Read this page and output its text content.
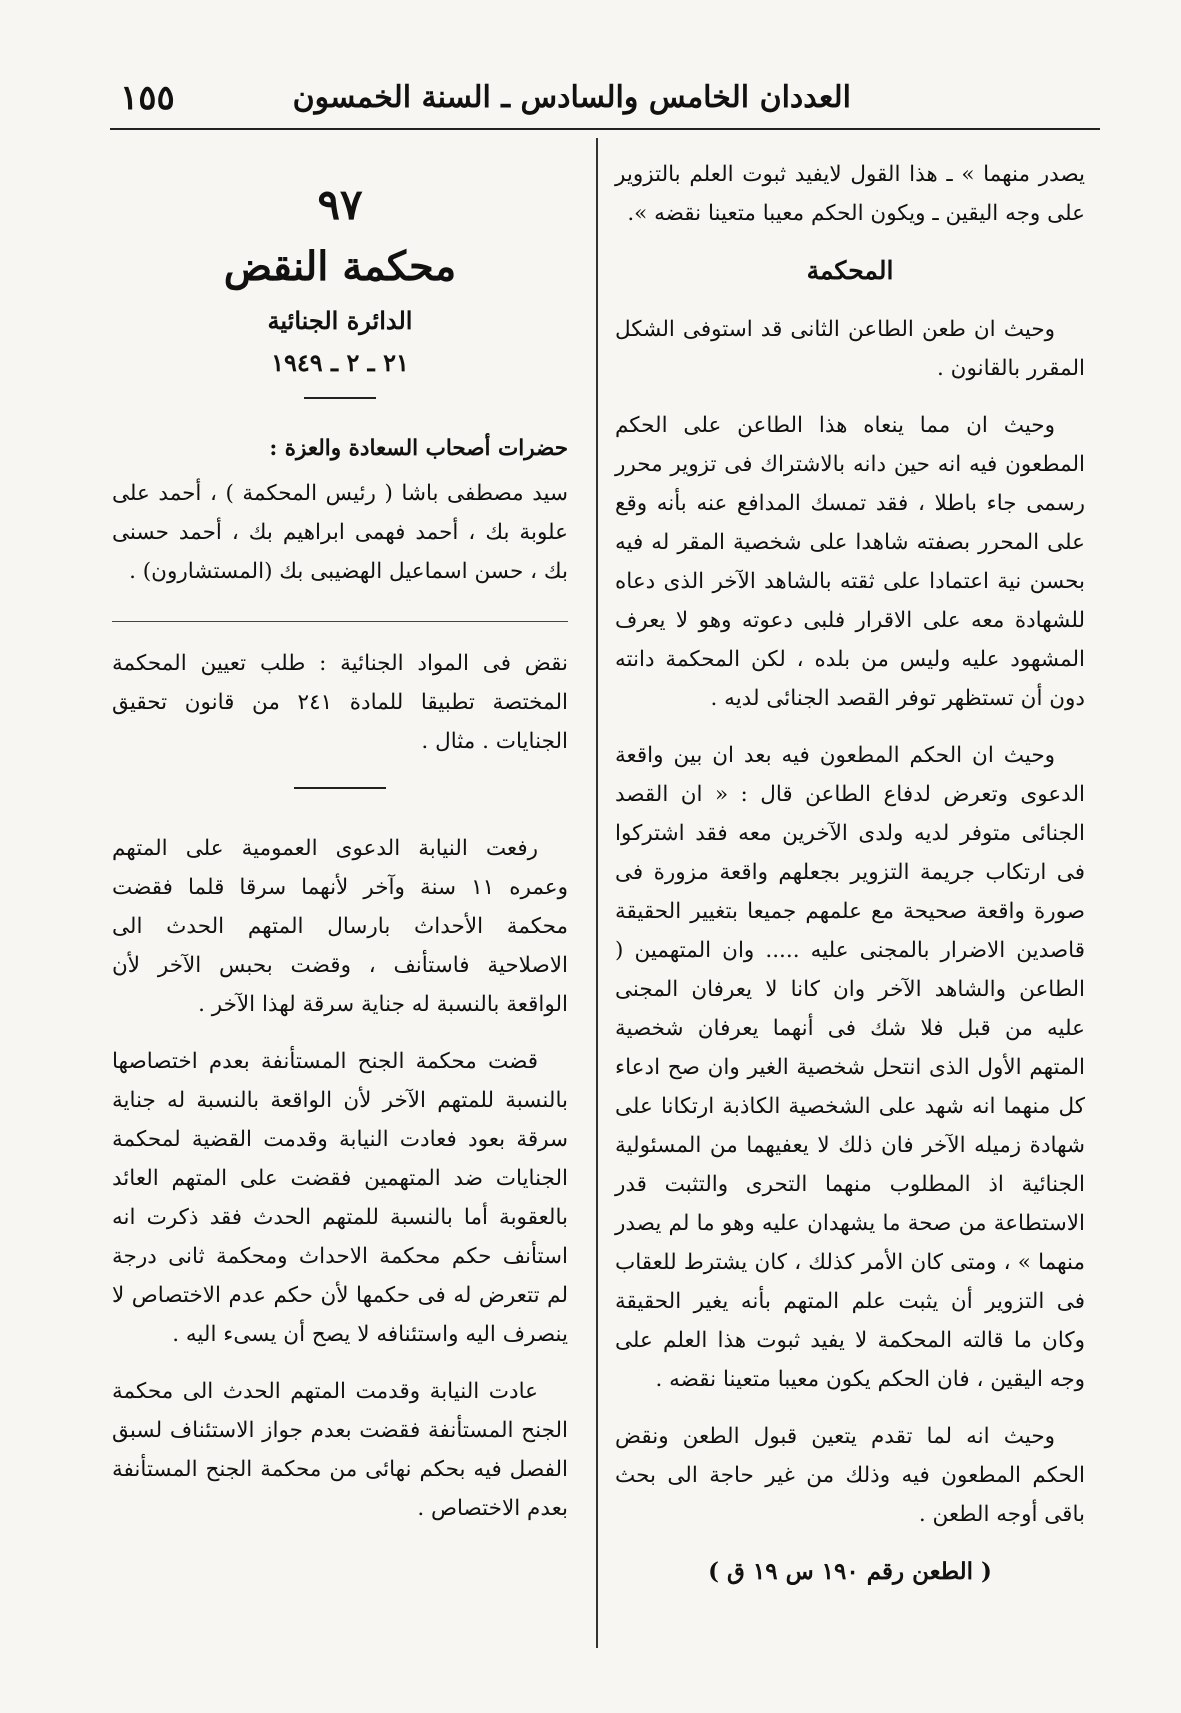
١٥٥	العددان الخامس والسادس ـ السنة الخمسون

يصدر منهما » ـ هذا القول لايفيد ثبوت العلم بالتزوير على وجه اليقين ـ ويكون الحكم معيبا متعينا نقضه ».

المحكمة

وحيث ان طعن الطاعن الثانى قد استوفى الشكل المقرر بالقانون .

وحيث ان مما ينعاه هذا الطاعن على الحكم المطعون فيه انه حين دانه بالاشتراك فى تزوير محرر رسمى جاء باطلا ، فقد تمسك المدافع عنه بأنه وقع على المحرر بصفته شاهدا على شخصية المقر له فيه بحسن نية اعتمادا على ثقته بالشاهد الآخر الذى دعاه للشهادة معه على الاقرار فلبى دعوته وهو لا يعرف المشهود عليه وليس من بلده ، لكن المحكمة دانته دون أن تستظهر توفر القصد الجنائى لديه .

وحيث ان الحكم المطعون فيه بعد ان بين واقعة الدعوى وتعرض لدفاع الطاعن قال : « ان القصد الجنائى متوفر لديه ولدى الآخرين معه فقد اشتركوا فى ارتكاب جريمة التزوير بجعلهم واقعة مزورة فى صورة واقعة صحيحة مع علمهم جميعا بتغيير الحقيقة قاصدين الاضرار بالمجنى عليه ..... وان المتهمين ( الطاعن والشاهد الآخر وان كانا لا يعرفان المجنى عليه من قبل فلا شك فى أنهما يعرفان شخصية المتهم الأول الذى انتحل شخصية الغير وان صح ادعاء كل منهما انه شهد على الشخصية الكاذبة ارتكانا على شهادة زميله الآخر فان ذلك لا يعفيهما من المسئولية الجنائية اذ المطلوب منهما التحرى والتثبت قدر الاستطاعة من صحة ما يشهدان عليه وهو ما لم يصدر منهما » ، ومتى كان الأمر كذلك ، كان يشترط للعقاب فى التزوير أن يثبت علم المتهم بأنه يغير الحقيقة وكان ما قالته المحكمة لا يفيد ثبوت هذا العلم على وجه اليقين ، فان الحكم يكون معيبا متعينا نقضه .

وحيث انه لما تقدم يتعين قبول الطعن ونقض الحكم المطعون فيه وذلك من غير حاجة الى بحث باقى أوجه الطعن .

( الطعن رقم ١٩٠ س ١٩ ق )

٩٧

محكمة النقض

الدائرة الجنائية

٢١ ـ ٢ ـ ١٩٤٩

حضرات أصحاب السعادة والعزة :

سيد مصطفى باشا ( رئيس المحكمة ) ، أحمد على علوبة بك ، أحمد فهمى ابراهيم بك ، أحمد حسنى بك ، حسن اسماعيل الهضيبى بك (المستشارون) .

نقض فى المواد الجنائية : طلب تعيين المحكمة المختصة تطبيقا للمادة ٢٤١ من قانون تحقيق الجنايات . مثال .

رفعت النيابة الدعوى العمومية على المتهم وعمره ١١ سنة وآخر لأنهما سرقا قلما فقضت محكمة الأحداث بارسال المتهم الحدث الى الاصلاحية فاستأنف ، وقضت بحبس الآخر لأن الواقعة بالنسبة له جناية سرقة لهذا الآخر .

قضت محكمة الجنح المستأنفة بعدم اختصاصها بالنسبة للمتهم الآخر لأن الواقعة بالنسبة له جناية سرقة بعود فعادت النيابة وقدمت القضية لمحكمة الجنايات ضد المتهمين فقضت على المتهم العائد بالعقوبة أما بالنسبة للمتهم الحدث فقد ذكرت انه استأنف حكم محكمة الاحداث ومحكمة ثانى درجة لم تتعرض له فى حكمها لأن حكم عدم الاختصاص لا ينصرف اليه واستئنافه لا يصح أن يسىء اليه .

عادت النيابة وقدمت المتهم الحدث الى محكمة الجنح المستأنفة فقضت بعدم جواز الاستئناف لسبق الفصل فيه بحكم نهائى من محكمة الجنح المستأنفة بعدم الاختصاص .
